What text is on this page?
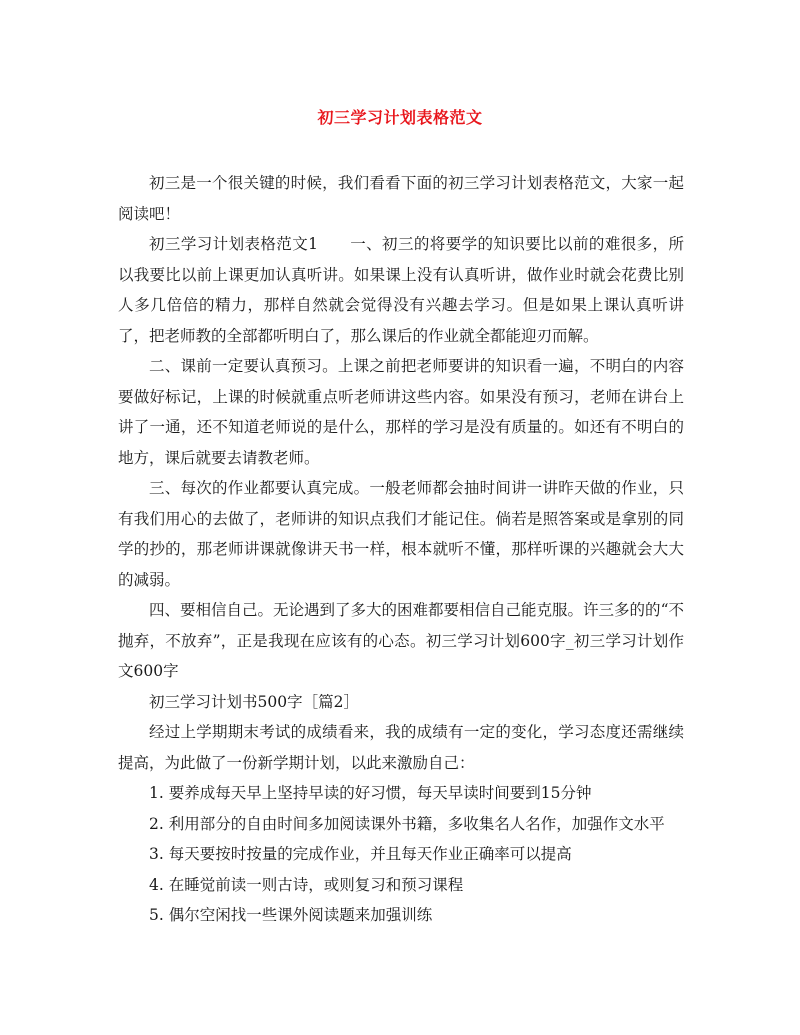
初三学习计划表格范文

初三是一个很关键的时候，我们看看下面的初三学习计划表格范文，大家一起阅读吧！

初三学习计划表格范文1　　一、初三的将要学的知识要比以前的难很多，所以我要比以前上课更加认真听讲。如果课上没有认真听讲，做作业时就会花费比别人多几倍倍的精力，那样自然就会觉得没有兴趣去学习。但是如果上课认真听讲了，把老师教的全部都听明白了，那么课后的作业就全都能迎刃而解。

二、课前一定要认真预习。上课之前把老师要讲的知识看一遍，不明白的内容要做好标记，上课的时候就重点听老师讲这些内容。如果没有预习，老师在讲台上讲了一通，还不知道老师说的是什么，那样的学习是没有质量的。如还有不明白的地方，课后就要去请教老师。

三、每次的作业都要认真完成。一般老师都会抽时间讲一讲昨天做的作业，只有我们用心的去做了，老师讲的知识点我们才能记住。倘若是照答案或是拿别的同学的抄的，那老师讲课就像讲天书一样，根本就听不懂，那样听课的兴趣就会大大的减弱。

四、要相信自己。无论遇到了多大的困难都要相信自己能克服。许三多的的“不抛弃，不放弃”，正是我现在应该有的心态。初三学习计划600字_初三学习计划作文600字

初三学习计划书500字［篇2］

经过上学期期末考试的成绩看来，我的成绩有一定的变化，学习态度还需继续提高，为此做了一份新学期计划，以此来激励自己：

1. 要养成每天早上坚持早读的好习惯，每天早读时间要到15分钟

2. 利用部分的自由时间多加阅读课外书籍，多收集名人名作，加强作文水平

3. 每天要按时按量的完成作业，并且每天作业正确率可以提高

4. 在睡觉前读一则古诗，或则复习和预习课程

5. 偶尔空闲找一些课外阅读题来加强训练
